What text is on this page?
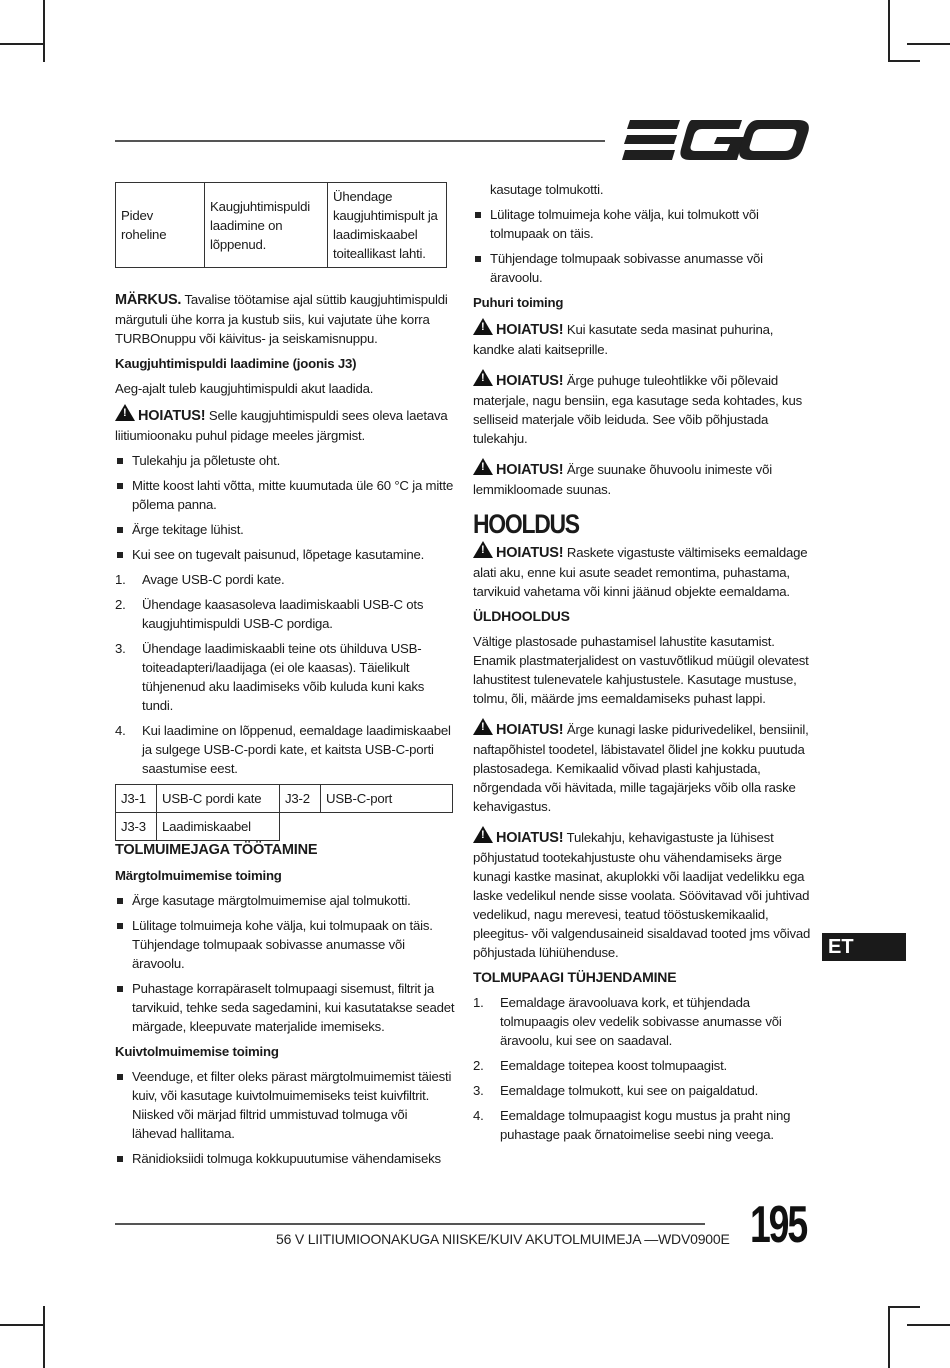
Pidev roheline	Kaugjuhtimispuldi laadimine on lõppenud.	Ühendage kaugjuhtimispult ja laadimiskaabel toiteallikast lahti.

MÄRKUS. Tavalise töötamise ajal süttib kaugjuhtimispuldi märgutuli ühe korra ja kustub siis, kui vajutate ühe korra TURBOnuppu või käivitus- ja seiskamisnuppu.

Kaugjuhtimispuldi laadimine (joonis J3)

Aeg-ajalt tuleb kaugjuhtimispuldi akut laadida.

! HOIATUS! Selle kaugjuhtimispuldi sees oleva laetava liitiumioonaku puhul pidage meeles järgmist.

Tulekahju ja põletuste oht.
Mitte koost lahti võtta, mitte kuumutada üle 60 °C ja mitte põlema panna.
Ärge tekitage lühist.
Kui see on tugevalt paisunud, lõpetage kasutamine.
1. Avage USB-C pordi kate.
2. Ühendage kaasasoleva laadimiskaabli USB-C ots kaugjuhtimispuldi USB-C pordiga.
3. Ühendage laadimiskaabli teine ots ühilduva USB-toiteadapteri/laadijaga (ei ole kaasas). Täielikult tühjenenud aku laadimiseks võib kuluda kuni kaks tundi.
4. Kui laadimine on lõppenud, eemaldage laadimiskaabel ja sulgege USB-C-pordi kate, et kaitsta USB-C-porti saastumise eest.
J3-1	USB-C pordi kate	J3-2	USB-C-port
J3-3	Laadimiskaabel		

TOLMUIMEJAGA TÖÖTAMINE

Märgtolmuimemise toiming

Ärge kasutage märgtolmuimemise ajal tolmukotti.
Lülitage tolmuimeja kohe välja, kui tolmupaak on täis. Tühjendage tolmupaak sobivasse anumasse või äravoolu.
Puhastage korrapäraselt tolmupaagi sisemust, filtrit ja tarvikuid, tehke seda sagedamini, kui kasutatakse seadet märgade, kleepuvate materjalide imemiseks.

Kuivtolmuimemise toiming

Veenduge, et filter oleks pärast märgtolmuimemist täiesti kuiv, või kasutage kuivtolmuimemiseks teist kuivfiltrit. Niisked või märjad filtrid ummistuvad tolmuga või lähevad hallitama.
Ränidioksiidi tolmuga kokkupuutumise vähendamiseks

kasutage tolmukotti.

Lülitage tolmuimeja kohe välja, kui tolmukott või tolmupaak on täis.
Tühjendage tolmupaak sobivasse anumasse või äravoolu.

Puhuri toiming

! HOIATUS! Kui kasutate seda masinat puhurina, kandke alati kaitseprille.

! HOIATUS! Ärge puhuge tuleohtlikke või põlevaid materjale, nagu bensiin, ega kasutage seda kohtades, kus selliseid materjale võib leiduda. See võib põhjustada tulekahju.

! HOIATUS! Ärge suunake õhuvoolu inimeste või lemmikloomade suunas.

HOOLDUS

! HOIATUS! Raskete vigastuste vältimiseks eemaldage alati aku, enne kui asute seadet remontima, puhastama, tarvikuid vahetama või kinni jäänud objekte eemaldama.

ÜLDHOOLDUS

Vältige plastosade puhastamisel lahustite kasutamist. Enamik plastmaterjalidest on vastuvõtlikud müügil olevatest lahustitest tulenevatele kahjustustele. Kasutage mustuse, tolmu, õli, määrde jms eemaldamiseks puhast lappi.

! HOIATUS! Ärge kunagi laske pidurivedelikel, bensiinil, naftapõhistel toodetel, läbistavatel õlidel jne kokku puutuda plastosadega. Kemikaalid võivad plasti kahjustada, nõrgendada või hävitada, mille tagajärjeks võib olla raske kehavigastus.

! HOIATUS! Tulekahju, kehavigastuste ja lühisest põhjustatud tootekahjustuste ohu vähendamiseks ärge kunagi kastke masinat, akuplokki või laadijat vedelikku ega laske vedelikul nende sisse voolata. Söövitavad või juhtivad vedelikud, nagu merevesi, teatud tööstuskemikaalid, pleegitus- või valgendusaineid sisaldavad tooted jms võivad põhjustada lühiühenduse.

TOLMUPAAGI TÜHJENDAMINE

1. Eemaldage äravooluava kork, et tühjendada tolmupaagis olev vedelik sobivasse anumasse või äravoolu, kui see on saadaval.
2. Eemaldage toitepea koost tolmupaagist.
3. Eemaldage tolmukott, kui see on paigaldatud.
4. Eemaldage tolmupaagist kogu mustus ja praht ning puhastage paak õrnatoimelise seebi ning veega.
ET
56 V LIITIUMIOONAKUGA NIISKE/KUIV AKUTOLMUIMEJA —WDV0900E 195
